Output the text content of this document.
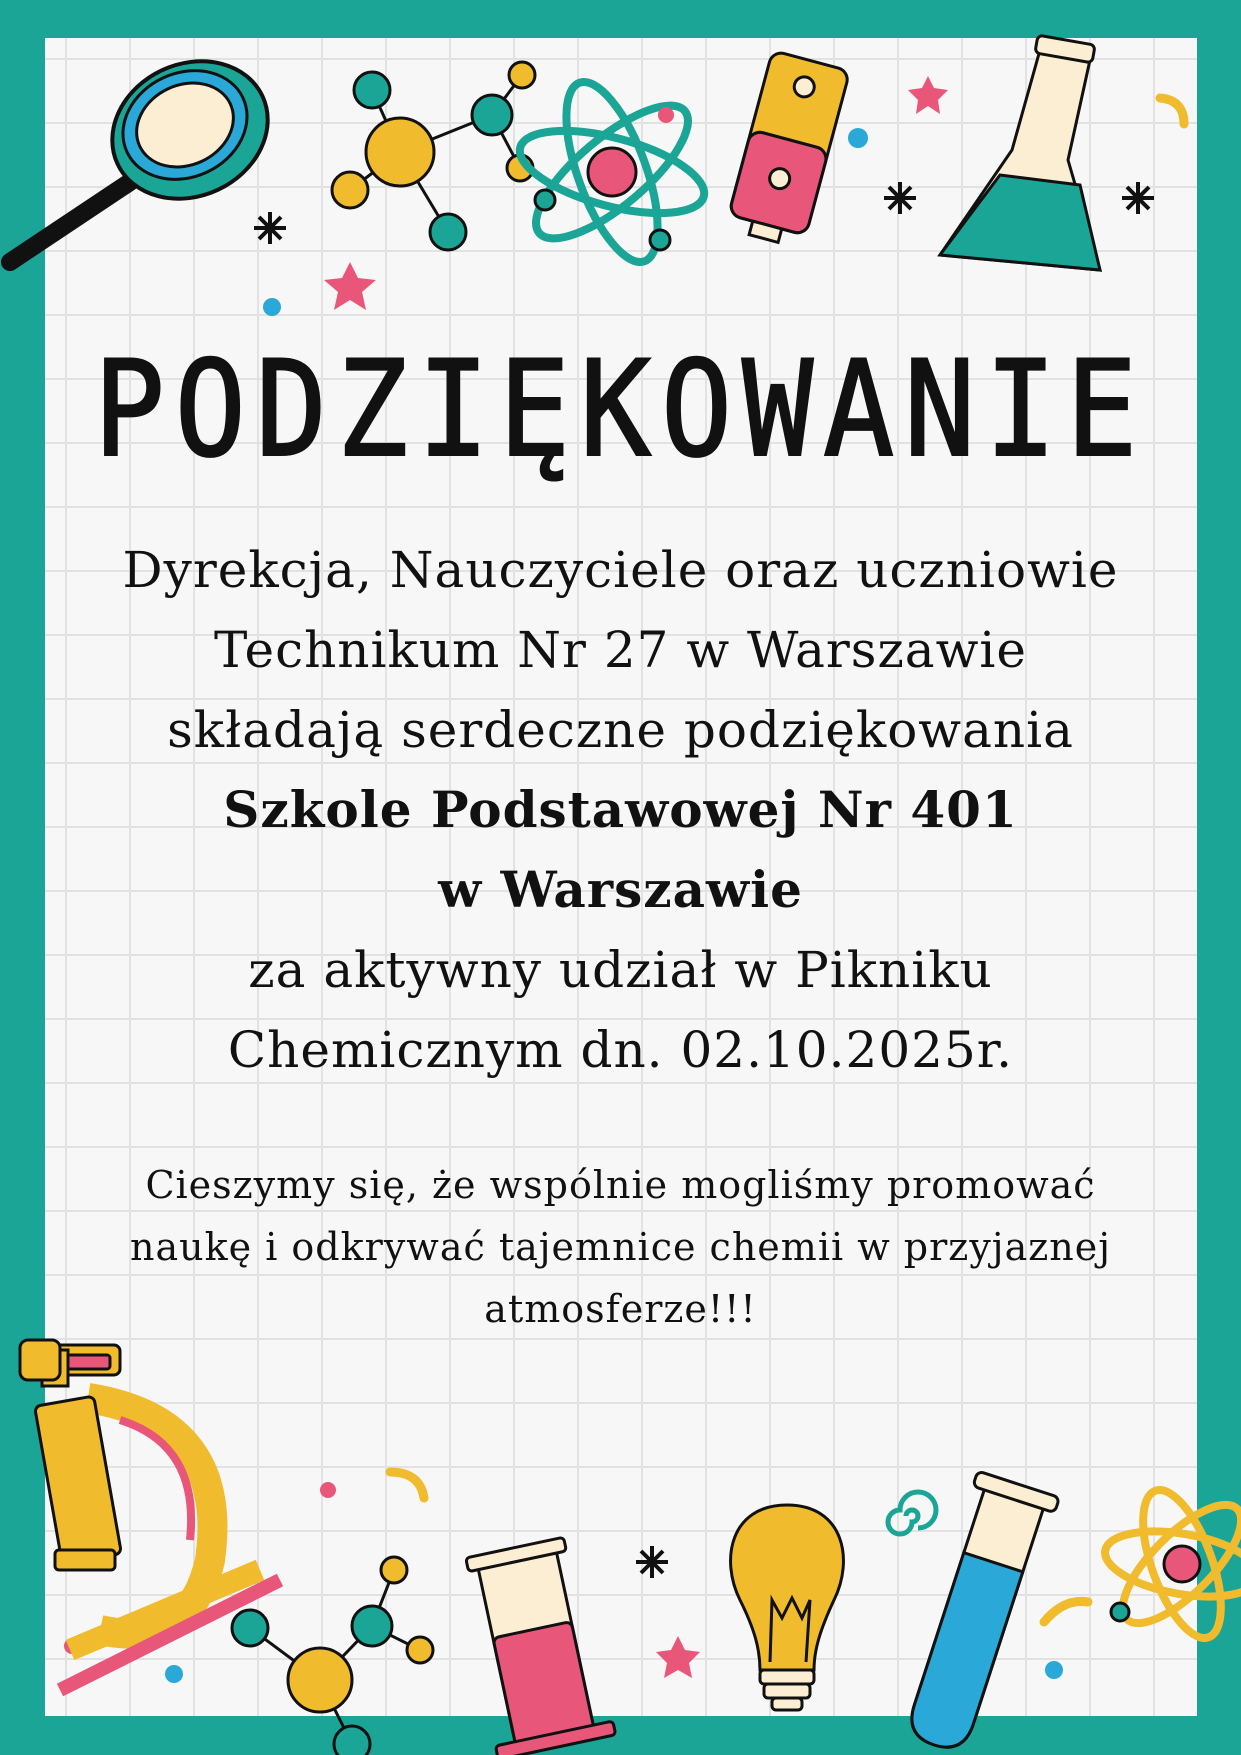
PODZIĘKOWANIE
Dyrekcja, Nauczyciele oraz uczniowie
Technikum Nr 27 w Warszawie
składają serdeczne podziękowania
Szkole Podstawowej Nr 401
w Warszawie
za aktywny udział w Pikniku
Chemicznym dn. 02.10.2025r.
Cieszymy się, że wspólnie mogliśmy promować
naukę i odkrywać tajemnice chemii w przyjaznej
atmosferze!!!
